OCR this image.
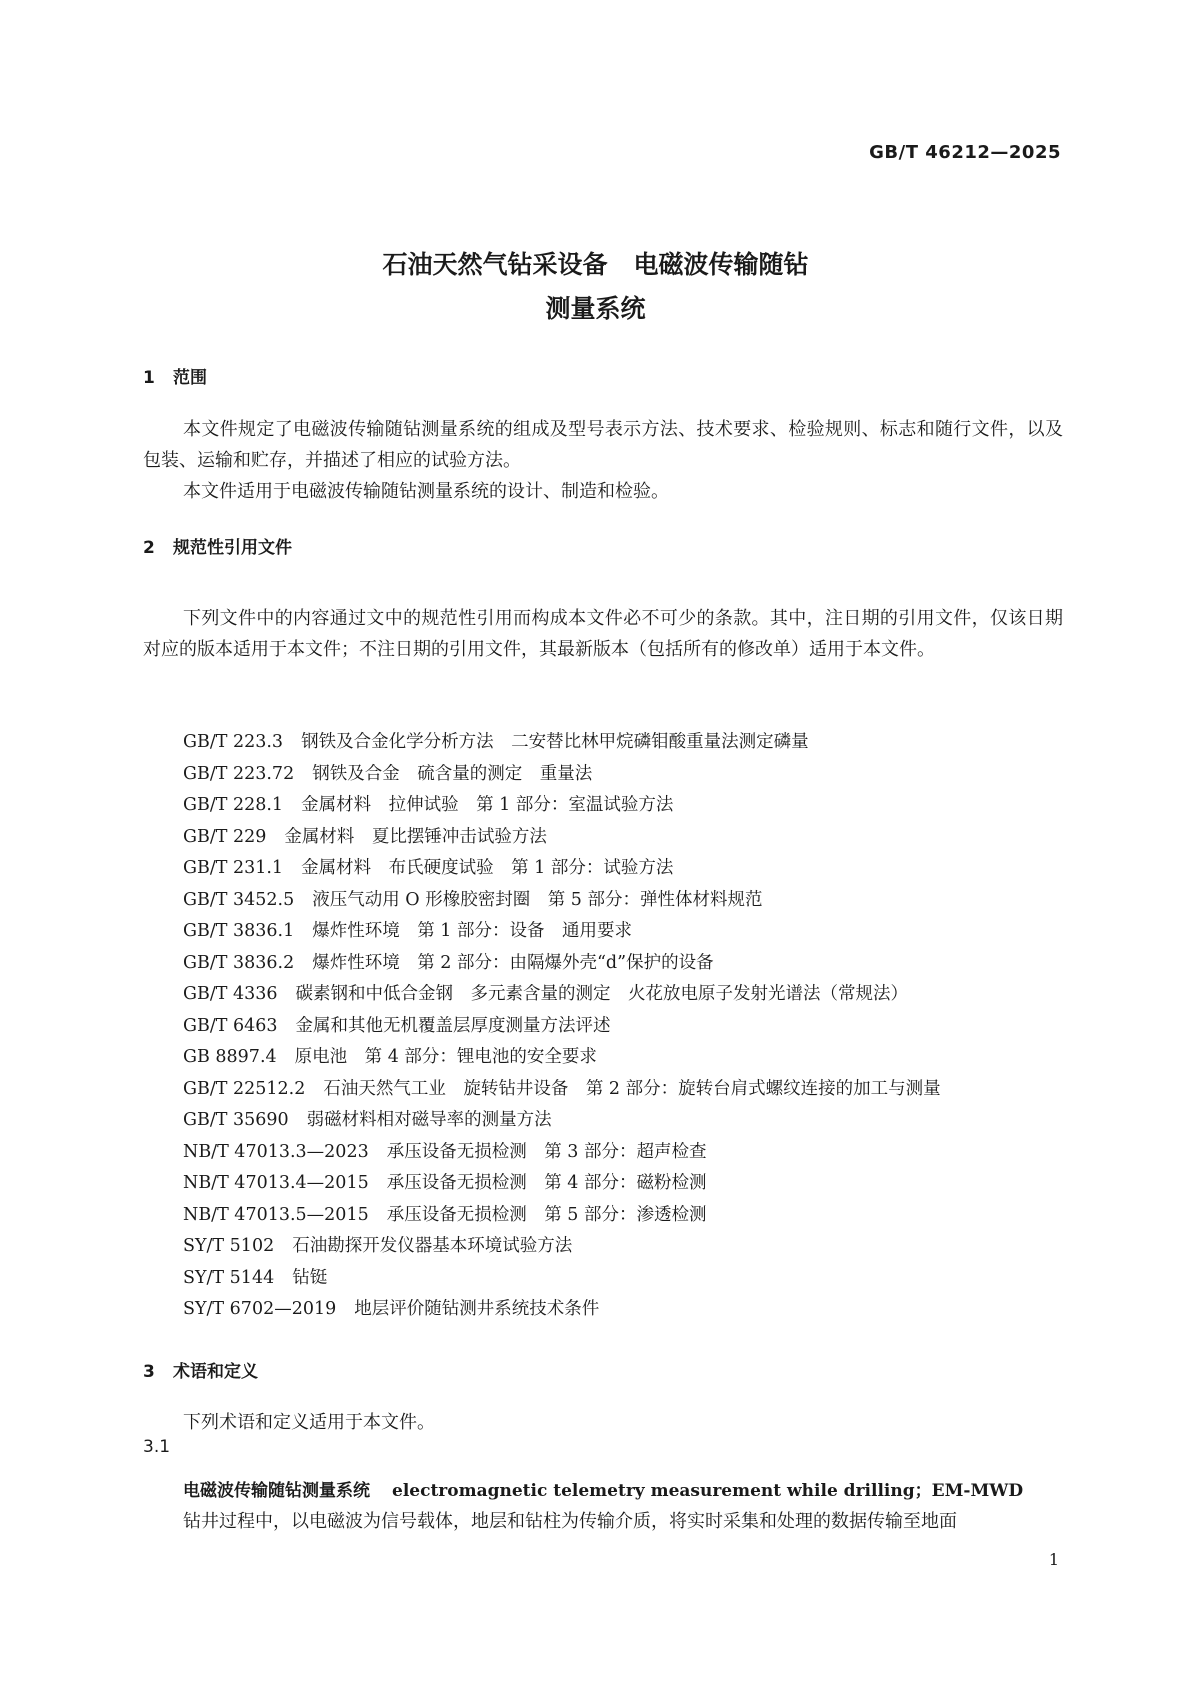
GB/T 46212—2025
石油天然气钻采设备 电磁波传输随钻
测量系统
1 范围

本文件规定了电磁波传输随钻测量系统的组成及型号表示方法、技术要求、检验规则、标志和随行文件，以及包装、运输和贮存，并描述了相应的试验方法。

本文件适用于电磁波传输随钻测量系统的设计、制造和检验。

2 规范性引用文件

下列文件中的内容通过文中的规范性引用而构成本文件必不可少的条款。其中，注日期的引用文件，仅该日期对应的版本适用于本文件；不注日期的引用文件，其最新版本（包括所有的修改单）适用于本文件。

GB/T 223.3 钢铁及合金化学分析方法　二安替比林甲烷磷钼酸重量法测定磷量
GB/T 223.72 钢铁及合金　硫含量的测定　重量法
GB/T 228.1 金属材料　拉伸试验　第 1 部分：室温试验方法
GB/T 229 金属材料　夏比摆锤冲击试验方法
GB/T 231.1 金属材料　布氏硬度试验　第 1 部分：试验方法
GB/T 3452.5 液压气动用 O 形橡胶密封圈　第 5 部分：弹性体材料规范
GB/T 3836.1 爆炸性环境　第 1 部分：设备　通用要求
GB/T 3836.2 爆炸性环境　第 2 部分：由隔爆外壳“d”保护的设备
GB/T 4336 碳素钢和中低合金钢　多元素含量的测定　火花放电原子发射光谱法（常规法）
GB/T 6463 金属和其他无机覆盖层厚度测量方法评述
GB 8897.4 原电池　第 4 部分：锂电池的安全要求
GB/T 22512.2 石油天然气工业　旋转钻井设备　第 2 部分：旋转台肩式螺纹连接的加工与测量
GB/T 35690 弱磁材料相对磁导率的测量方法
NB/T 47013.3—2023 承压设备无损检测　第 3 部分：超声检查
NB/T 47013.4—2015 承压设备无损检测　第 4 部分：磁粉检测
NB/T 47013.5—2015 承压设备无损检测　第 5 部分：渗透检测
SY/T 5102 石油勘探开发仪器基本环境试验方法
SY/T 5144 钻铤
SY/T 6702—2019 地层评价随钻测井系统技术条件
3 术语和定义

下列术语和定义适用于本文件。

3.1
电磁波传输随钻测量系统 electromagnetic telemetry measurement while drilling；EM-MWD
钻井过程中，以电磁波为信号载体，地层和钻柱为传输介质，将实时采集和处理的数据传输至地面
1
